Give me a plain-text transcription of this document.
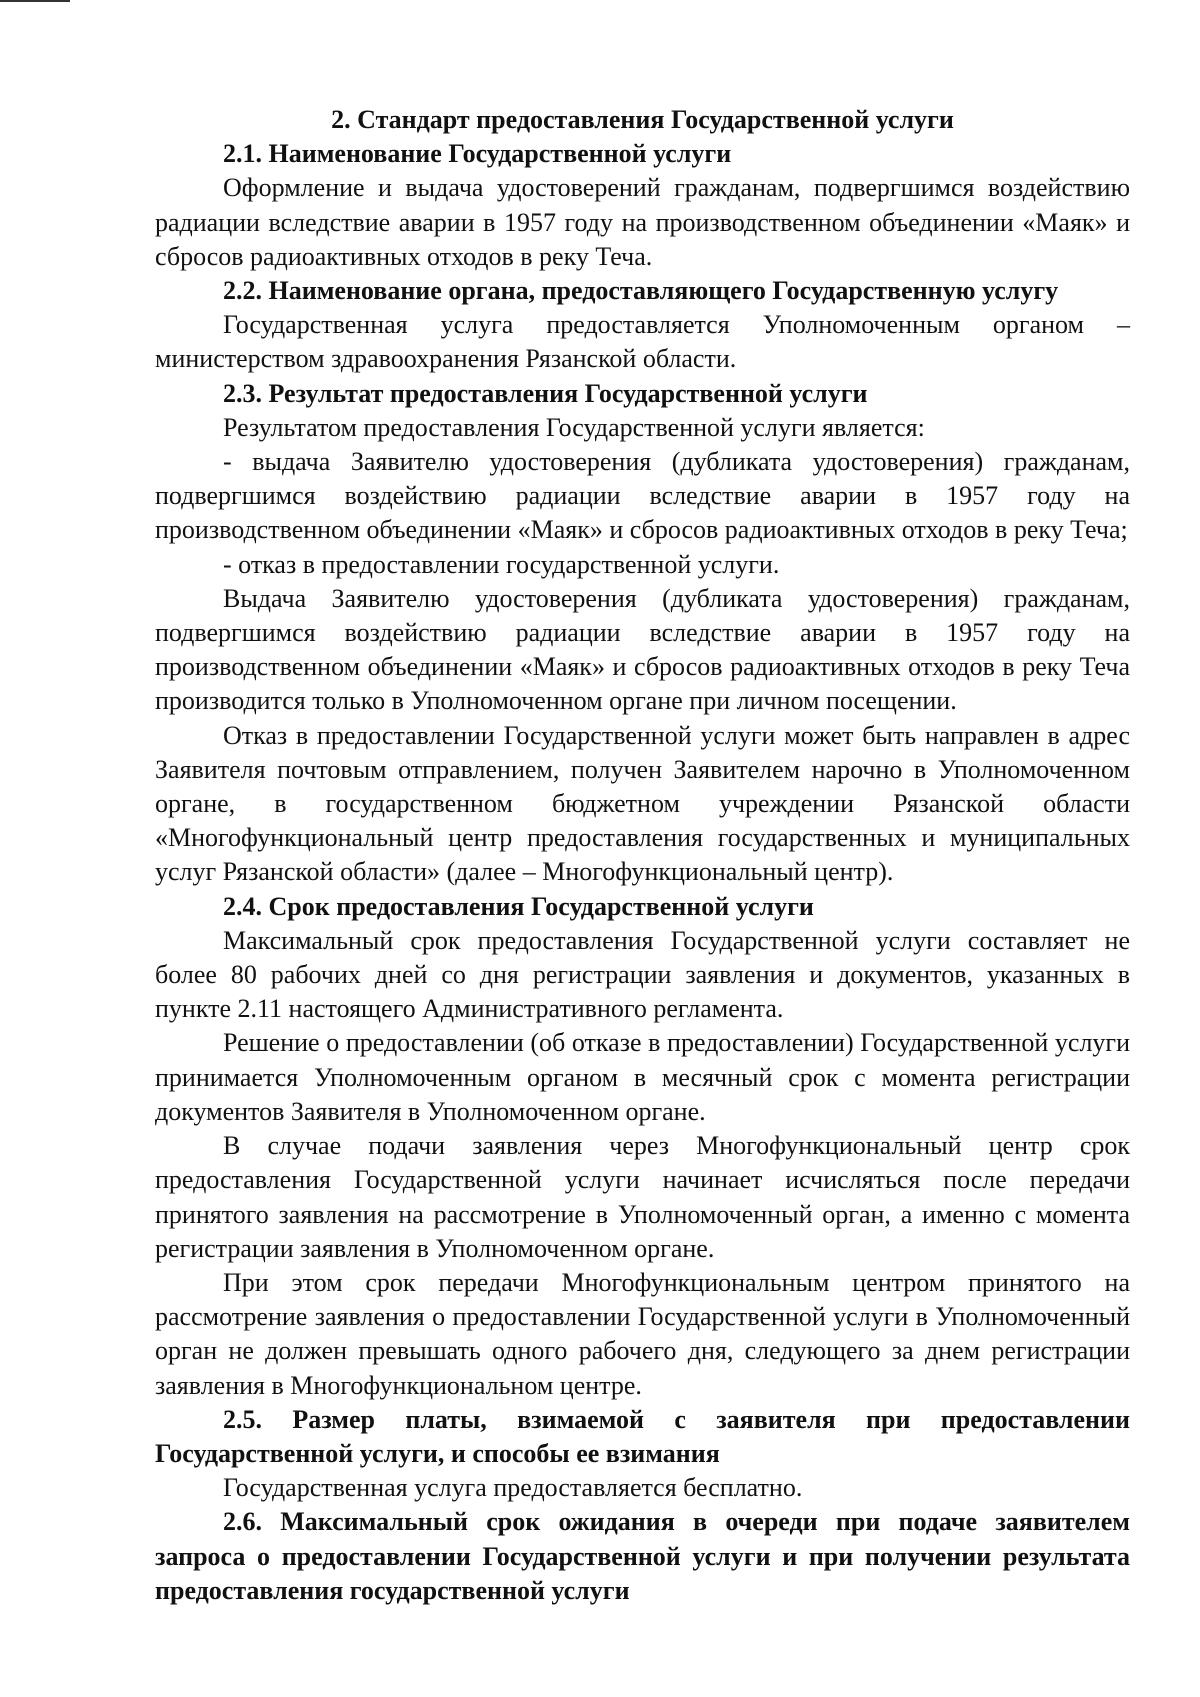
2. Стандарт предоставления Государственной услуги

2.1. Наименование Государственной услуги

Оформление и выдача удостоверений гражданам, подвергшимся воздействию радиации вследствие аварии в 1957 году на производственном объединении «Маяк» и сбросов радиоактивных отходов в реку Теча.

2.2. Наименование органа, предоставляющего Государственную услугу

Государственная услуга предоставляется Уполномоченным органом – министерством здравоохранения Рязанской области.

2.3. Результат предоставления Государственной услуги

Результатом предоставления Государственной услуги является:

- выдача Заявителю удостоверения (дубликата удостоверения) гражданам, подвергшимся воздействию радиации вследствие аварии в 1957 году на производственном объединении «Маяк» и сбросов радиоактивных отходов в реку Теча;

- отказ в предоставлении государственной услуги.

Выдача Заявителю удостоверения (дубликата удостоверения) гражданам, подвергшимся воздействию радиации вследствие аварии в 1957 году на производственном объединении «Маяк» и сбросов радиоактивных отходов в реку Теча производится только в Уполномоченном органе при личном посещении.

Отказ в предоставлении Государственной услуги может быть направлен в адрес Заявителя почтовым отправлением, получен Заявителем нарочно в Уполномоченном органе, в государственном бюджетном учреждении Рязанской области «Многофункциональный центр предоставления государственных и муниципальных услуг Рязанской области» (далее – Многофункциональный центр).

2.4. Срок предоставления Государственной услуги

Максимальный срок предоставления Государственной услуги составляет не более 80 рабочих дней со дня регистрации заявления и документов, указанных в пункте 2.11 настоящего Административного регламента.

Решение о предоставлении (об отказе в предоставлении) Государственной услуги принимается Уполномоченным органом в месячный срок с момента регистрации документов Заявителя в Уполномоченном органе.

В случае подачи заявления через Многофункциональный центр срок предоставления Государственной услуги начинает исчисляться после передачи принятого заявления на рассмотрение в Уполномоченный орган, а именно с момента регистрации заявления в Уполномоченном органе.

При этом срок передачи Многофункциональным центром принятого на рассмотрение заявления о предоставлении Государственной услуги в Уполномоченный орган не должен превышать одного рабочего дня, следующего за днем регистрации заявления в Многофункциональном центре.

2.5. Размер платы, взимаемой с заявителя при предоставлении Государственной услуги, и способы ее взимания

Государственная услуга предоставляется бесплатно.

2.6. Максимальный срок ожидания в очереди при подаче заявителем запроса о предоставлении Государственной услуги и при получении результата предоставления государственной услуги
